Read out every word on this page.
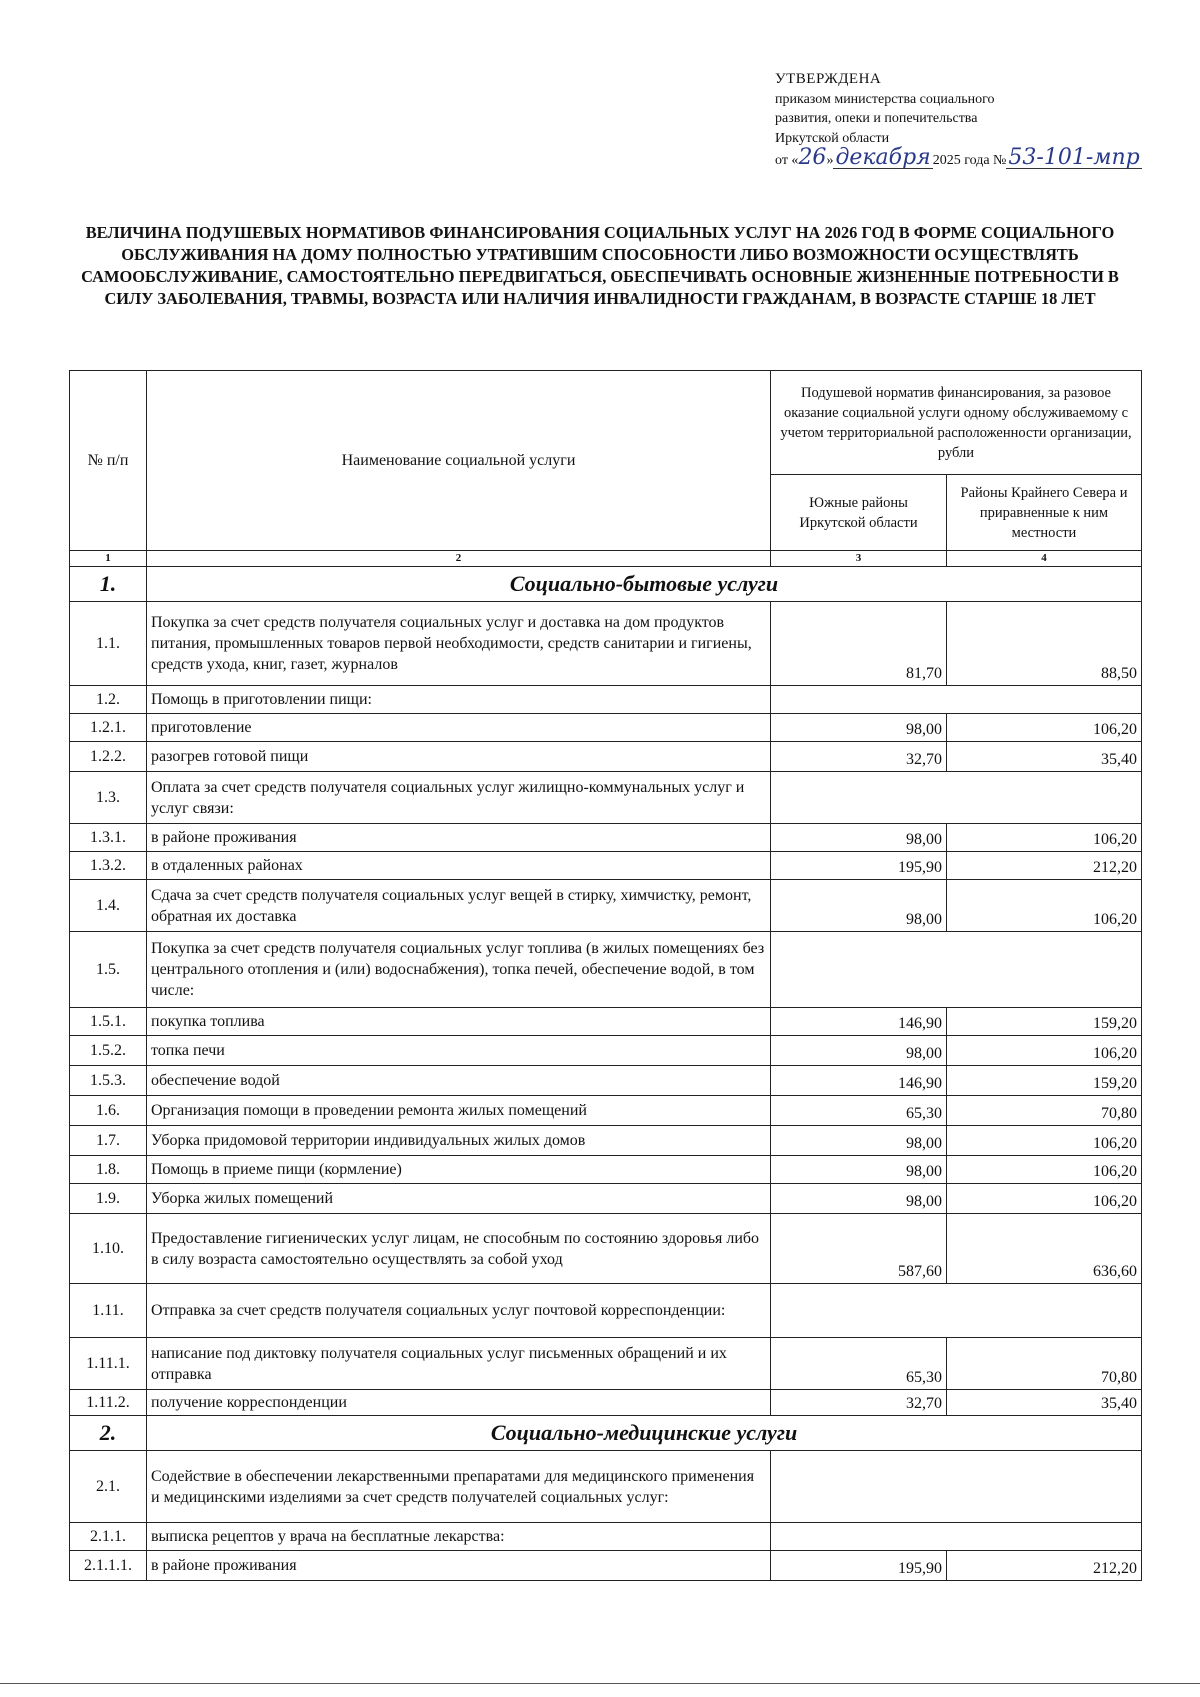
УТВЕРЖДЕНА
приказом министерства социального
развития, опеки и попечительства
Иркутской области
от « 26 » декабря 2025 года № 53-101-мпр
ВЕЛИЧИНА ПОДУШЕВЫХ НОРМАТИВОВ ФИНАНСИРОВАНИЯ СОЦИАЛЬНЫХ УСЛУГ НА 2026 ГОД В ФОРМЕ СОЦИАЛЬНОГО ОБСЛУЖИВАНИЯ НА ДОМУ ПОЛНОСТЬЮ УТРАТИВШИМ СПОСОБНОСТИ ЛИБО ВОЗМОЖНОСТИ ОСУЩЕСТВЛЯТЬ САМООБСЛУЖИВАНИЕ, САМОСТОЯТЕЛЬНО ПЕРЕДВИГАТЬСЯ, ОБЕСПЕЧИВАТЬ ОСНОВНЫЕ ЖИЗНЕННЫЕ ПОТРЕБНОСТИ В СИЛУ ЗАБОЛЕВАНИЯ, ТРАВМЫ, ВОЗРАСТА ИЛИ НАЛИЧИЯ ИНВАЛИДНОСТИ ГРАЖДАНАМ, В ВОЗРАСТЕ СТАРШЕ 18 ЛЕТ
№ п/п	Наименование социальной услуги	Подушевой норматив финансирования, за разовое оказание социальной услуги одному обслуживаемому с учетом территориальной расположенности организации, рубли	
		Южные районы Иркутской области	Районы Крайнего Севера и приравненные к ним местности
1	2	3	4
1.	Социально-бытовые услуги		
1.1.	Покупка за счет средств получателя социальных услуг и доставка на дом продуктов питания, промышленных товаров первой необходимости, средств санитарии и гигиены, средств ухода, книг, газет, журналов	81,70	88,50
1.2.	Помощь в приготовлении пищи:		
1.2.1.	приготовление	98,00	106,20
1.2.2.	разогрев готовой пищи	32,70	35,40
1.3.	Оплата за счет средств получателя социальных услуг жилищно-коммунальных услуг и услуг связи:		
1.3.1.	в районе проживания	98,00	106,20
1.3.2.	в отдаленных районах	195,90	212,20
1.4.	Сдача за счет средств получателя социальных услуг вещей в стирку, химчистку, ремонт, обратная их доставка	98,00	106,20
1.5.	Покупка за счет средств получателя социальных услуг топлива (в жилых помещениях без центрального отопления и (или) водоснабжения), топка печей, обеспечение водой, в том числе:		
1.5.1.	покупка топлива	146,90	159,20
1.5.2.	топка печи	98,00	106,20
1.5.3.	обеспечение водой	146,90	159,20
1.6.	Организация помощи в проведении ремонта жилых помещений	65,30	70,80
1.7.	Уборка придомовой территории индивидуальных жилых домов	98,00	106,20
1.8.	Помощь в приеме пищи (кормление)	98,00	106,20
1.9.	Уборка жилых помещений	98,00	106,20
1.10.	Предоставление гигиенических услуг лицам, не способным по состоянию здоровья либо в силу возраста самостоятельно осуществлять за собой уход	587,60	636,60
1.11.	Отправка за счет средств получателя социальных услуг почтовой корреспонденции:		
1.11.1.	написание под диктовку получателя социальных услуг письменных обращений и их отправка	65,30	70,80
1.11.2.	получение корреспонденции	32,70	35,40
2.	Социально-медицинские услуги		
2.1.	Содействие в обеспечении лекарственными препаратами для медицинского применения и медицинскими изделиями за счет средств получателей социальных услуг:		
2.1.1.	выписка рецептов у врача на бесплатные лекарства:		
2.1.1.1.	в районе проживания	195,90	212,20
